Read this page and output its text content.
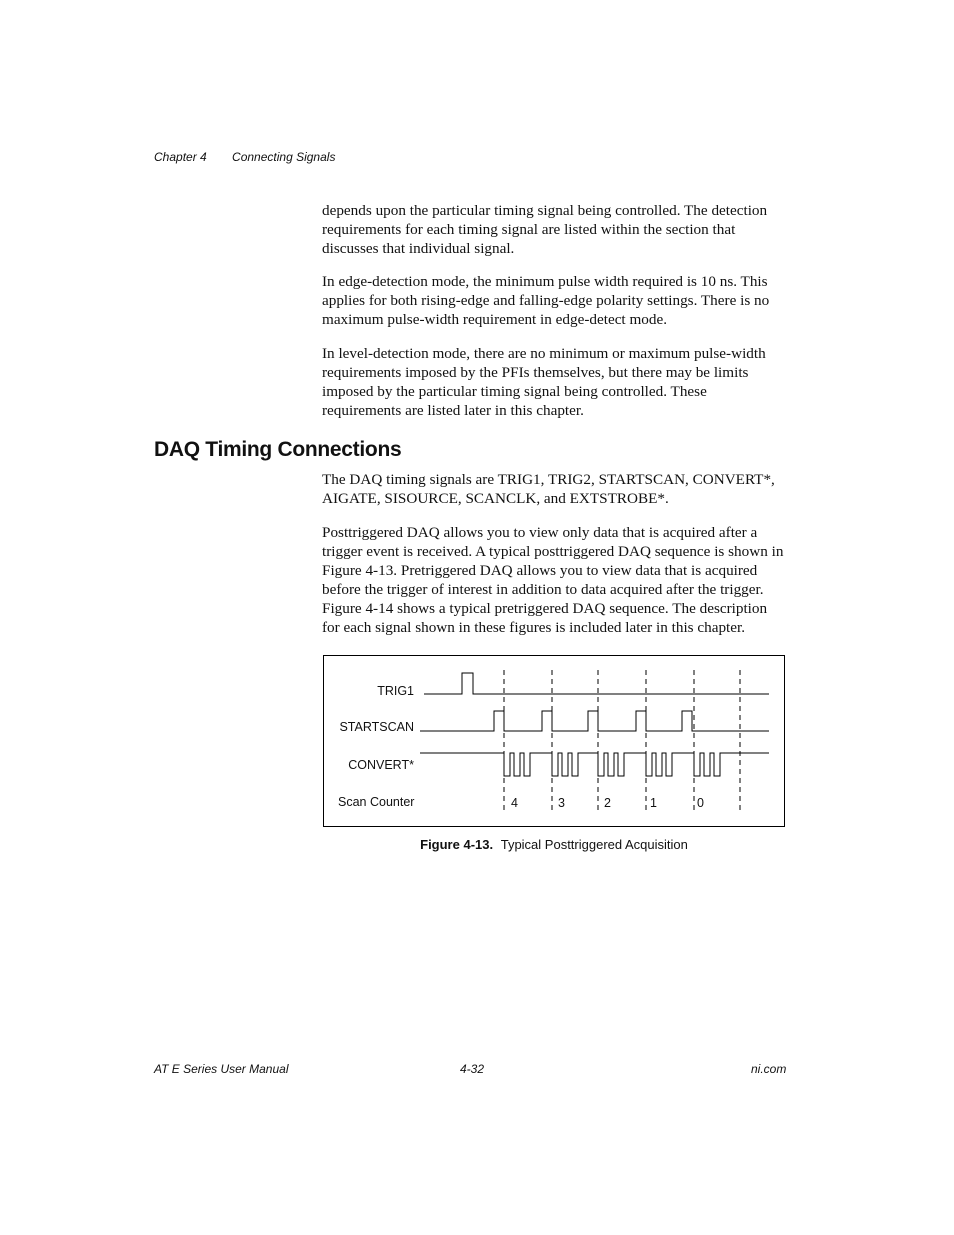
Chapter 4 Connecting Signals

depends upon the particular timing signal being controlled. The detection requirements for each timing signal are listed within the section that discusses that individual signal.

In edge-detection mode, the minimum pulse width required is 10 ns. This applies for both rising-edge and falling-edge polarity settings. There is no maximum pulse-width requirement in edge-detect mode.

In level-detection mode, there are no minimum or maximum pulse-width requirements imposed by the PFIs themselves, but there may be limits imposed by the particular timing signal being controlled. These requirements are listed later in this chapter.

DAQ Timing Connections

The DAQ timing signals are TRIG1, TRIG2, STARTSCAN, CONVERT*, AIGATE, SISOURCE, SCANCLK, and EXTSTROBE*.

Posttriggered DAQ allows you to view only data that is acquired after a trigger event is received. A typical posttriggered DAQ sequence is shown in Figure 4-13. Pretriggered DAQ allows you to view data that is acquired before the trigger of interest in addition to data acquired after the trigger. Figure 4-14 shows a typical pretriggered DAQ sequence. The description for each signal shown in these figures is included later in this chapter.

TRIG1
STARTSCAN
CONVERT*
Scan Counter	4	3	2	1	0
Figure 4-13. Typical Posttriggered Acquisition
AT E Series User Manual	4-32	ni.com
